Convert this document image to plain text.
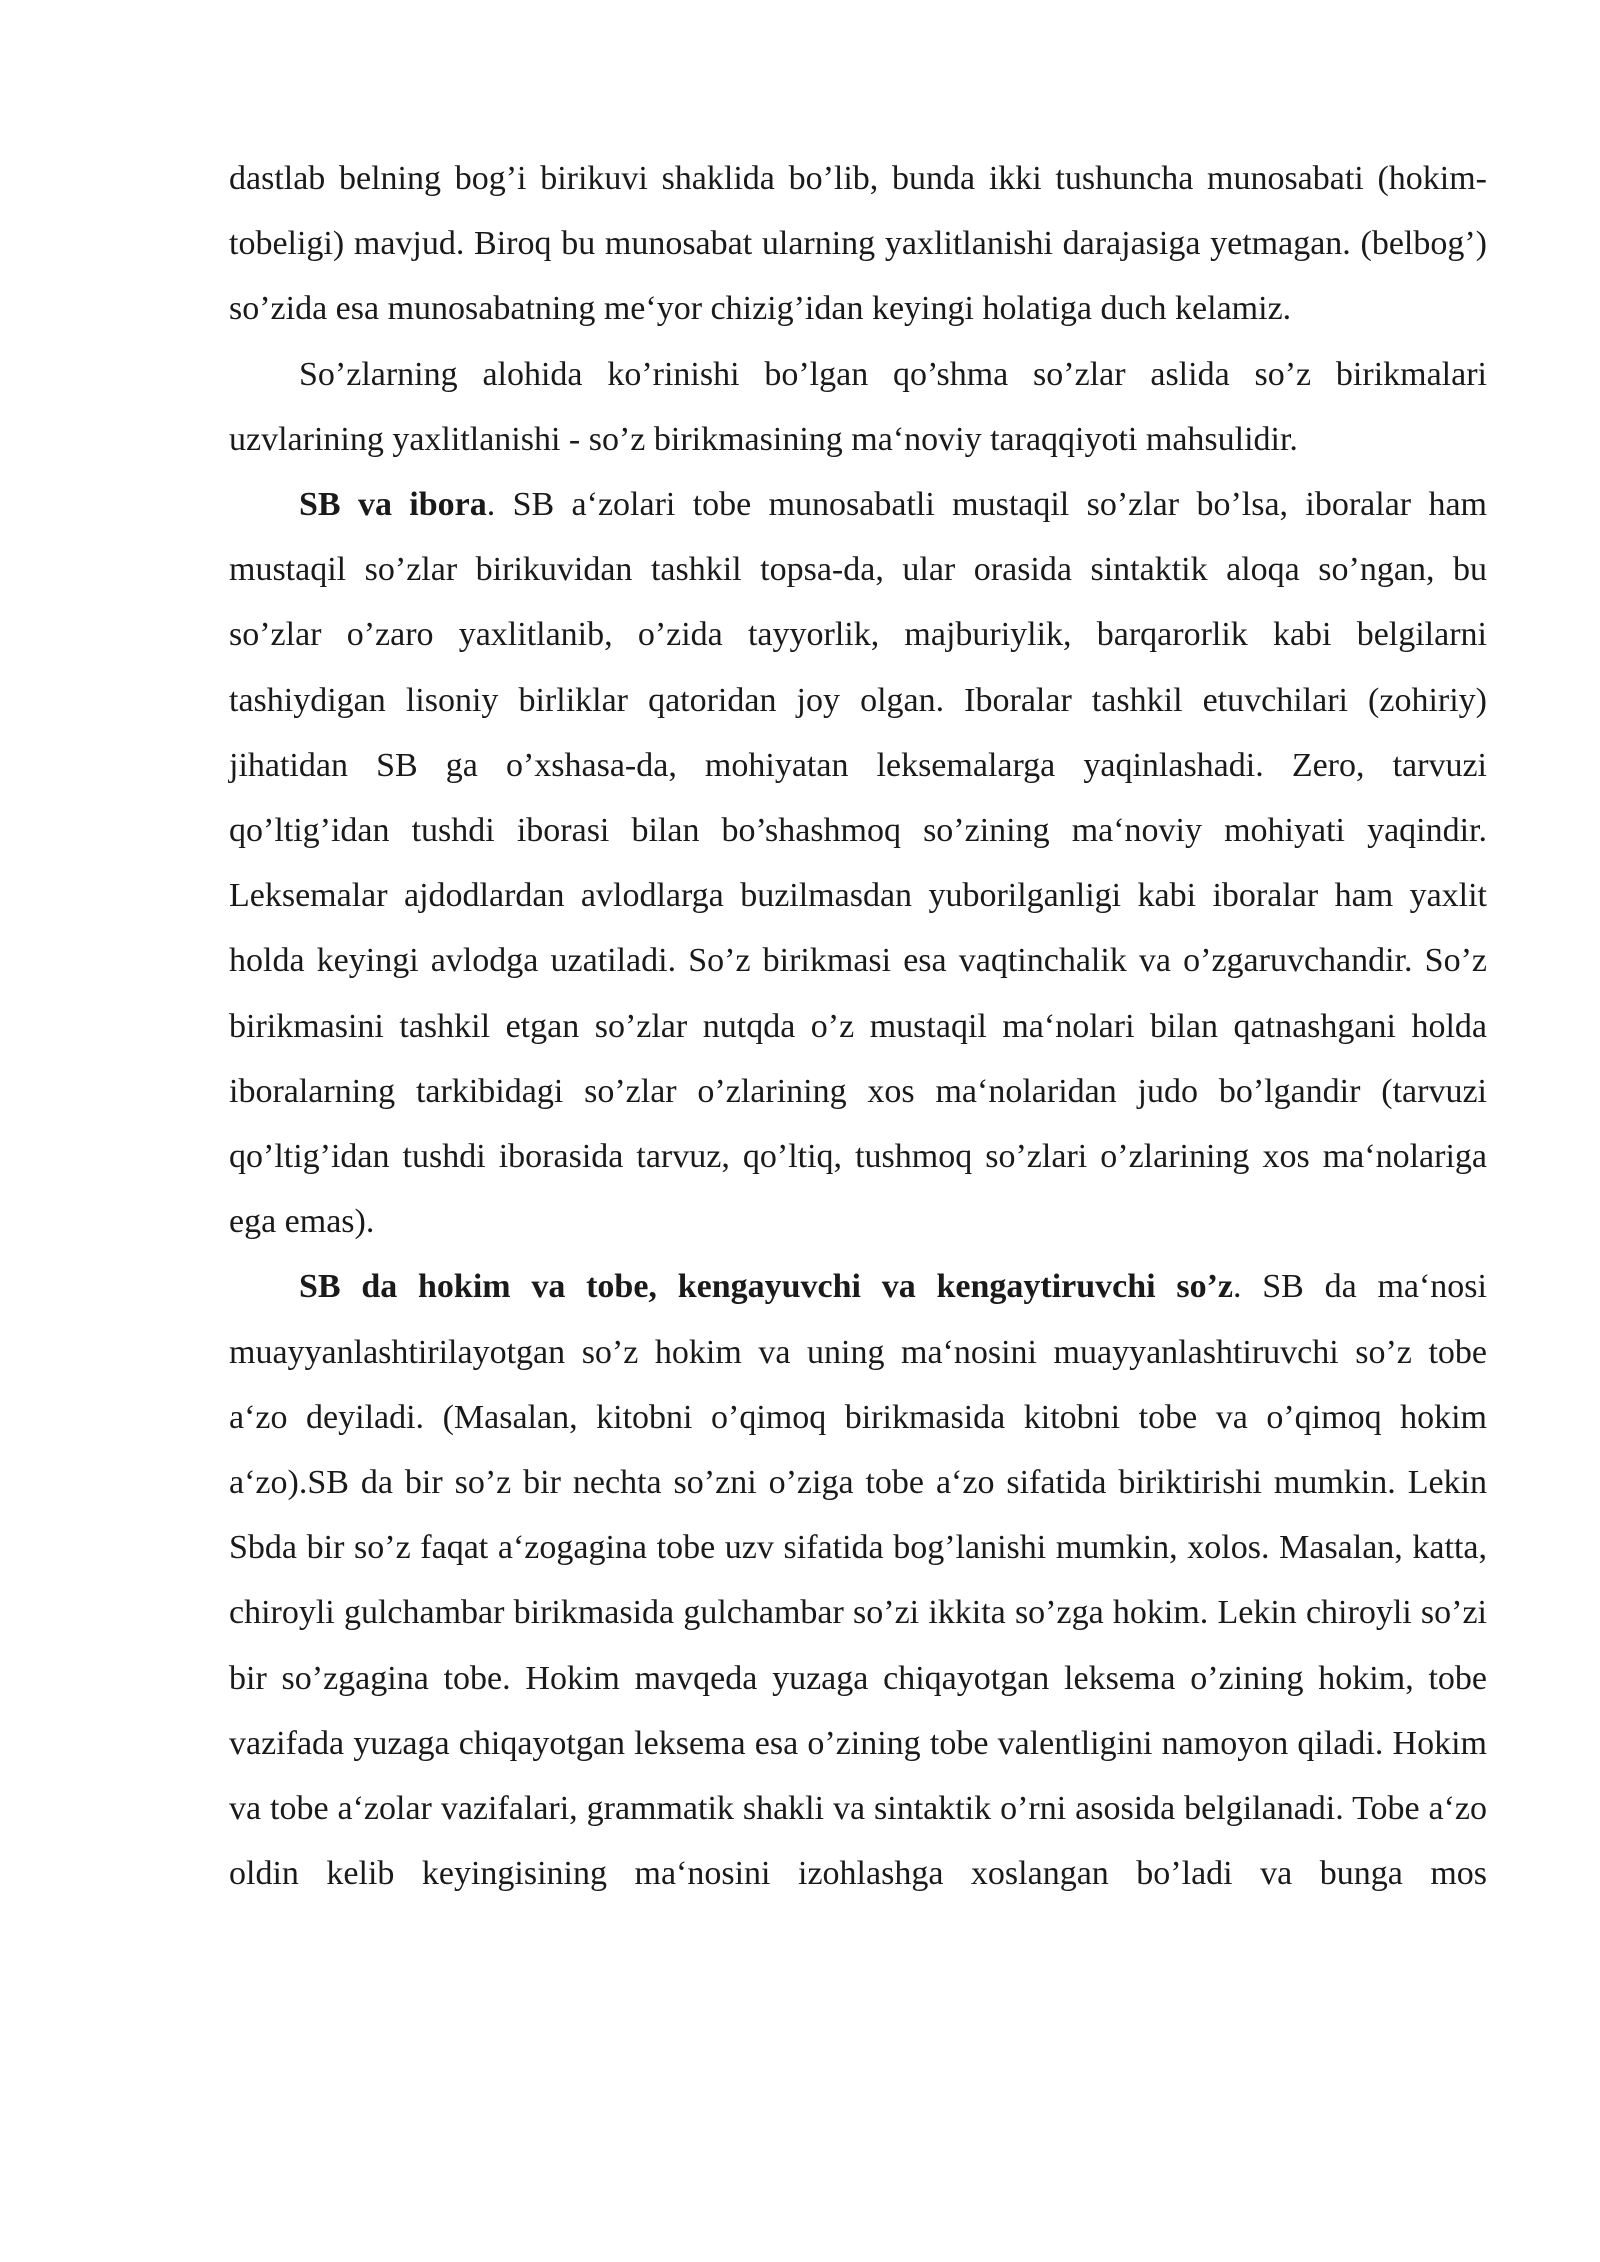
dastlab belning bog’i birikuvi shaklida bo’lib, bunda ikki tushuncha munosabati (hokim-tobeligi) mavjud. Biroq bu munosabat ularning yaxlitlanishi darajasiga yetmagan. (belbog’) so’zida esa munosabatning me‘yor chizig’idan keyingi holatiga duch kelamiz.

So’zlarning alohida ko’rinishi bo’lgan qo’shma so’zlar aslida so’z birikmalari uzvlarining yaxlitlanishi - so’z birikmasining ma‘noviy taraqqiyoti mahsulidir.

SB va ibora. SB a‘zolari tobe munosabatli mustaqil so’zlar bo’lsa, iboralar ham mustaqil so’zlar birikuvidan tashkil topsa-da, ular orasida sintaktik aloqa so’ngan, bu so’zlar o’zaro yaxlitlanib, o’zida tayyorlik, majburiylik, barqarorlik kabi belgilarni tashiydigan lisoniy birliklar qatoridan joy olgan. Iboralar tashkil etuvchilari (zohiriy) jihatidan SB ga o’xshasa-da, mohiyatan leksemalarga yaqinlashadi. Zero, tarvuzi qo’ltig’idan tushdi iborasi bilan bo’shashmoq so’zining ma‘noviy mohiyati yaqindir. Leksemalar ajdodlardan avlodlarga buzilmasdan yuborilganligi kabi iboralar ham yaxlit holda keyingi avlodga uzatiladi. So’z birikmasi esa vaqtinchalik va o’zgaruvchandir. So’z birikmasini tashkil etgan so’zlar nutqda o’z mustaqil ma‘nolari bilan qatnashgani holda iboralarning tarkibidagi so’zlar o’zlarining xos ma‘nolaridan judo bo’lgandir (tarvuzi qo’ltig’idan tushdi iborasida tarvuz, qo’ltiq, tushmoq so’zlari o’zlarining xos ma‘nolariga ega emas).

SB da hokim va tobe, kengayuvchi va kengaytiruvchi so’z. SB da ma‘nosi muayyanlashtirilayotgan so’z hokim va uning ma‘nosini muayyanlashtiruvchi so’z tobe a‘zo deyiladi. (Masalan, kitobni o’qimoq birikmasida kitobni tobe va o’qimoq hokim a‘zo).SB da bir so’z bir nechta so’zni o’ziga tobe a‘zo sifatida biriktirishi mumkin. Lekin Sbda bir so’z faqat a‘zogagina tobe uzv sifatida bog’lanishi mumkin, xolos. Masalan, katta, chiroyli gulchambar birikmasida gulchambar so’zi ikkita so’zga hokim. Lekin chiroyli so’zi bir so’zgagina tobe. Hokim mavqeda yuzaga chiqayotgan leksema o’zining hokim, tobe vazifada yuzaga chiqayotgan leksema esa o’zining tobe valentligini namoyon qiladi. Hokim va tobe a‘zolar vazifalari, grammatik shakli va sintaktik o’rni asosida belgilanadi. Tobe a‘zo oldin kelib keyingisining ma‘nosini izohlashga xoslangan bo’ladi va bunga mos
